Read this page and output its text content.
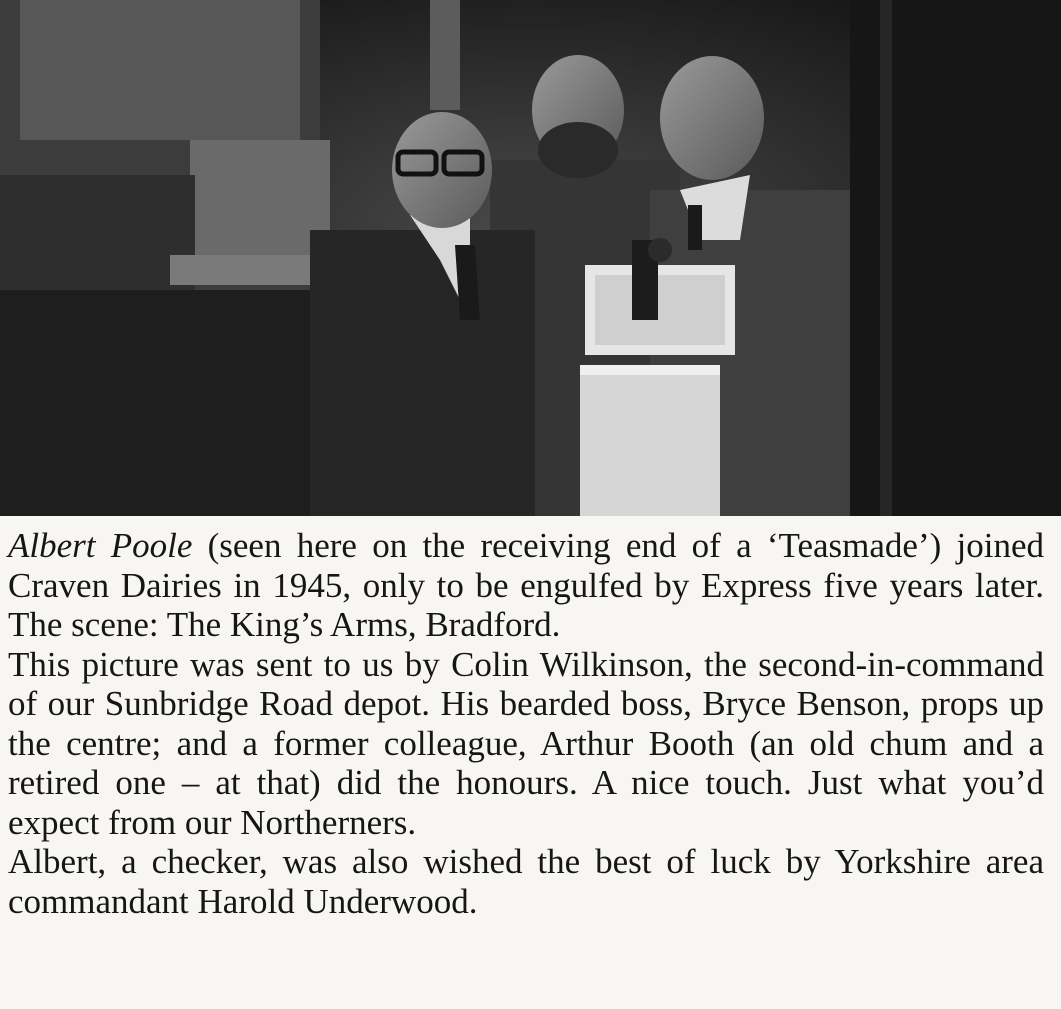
Albert Poole (seen here on the receiving end of a ‘Teasmade’) joined Craven Dairies in 1945, only to be engulfed by Express five years later. The scene: The King’s Arms, Bradford.

This picture was sent to us by Colin Wilkinson, the second-in-command of our Sunbridge Road depot. His bearded boss, Bryce Benson, props up the centre; and a former colleague, Arthur Booth (an old chum and a retired one – at that) did the honours. A nice touch. Just what you’d expect from our Northerners.

Albert, a checker, was also wished the best of luck by Yorkshire area commandant Harold Underwood.
